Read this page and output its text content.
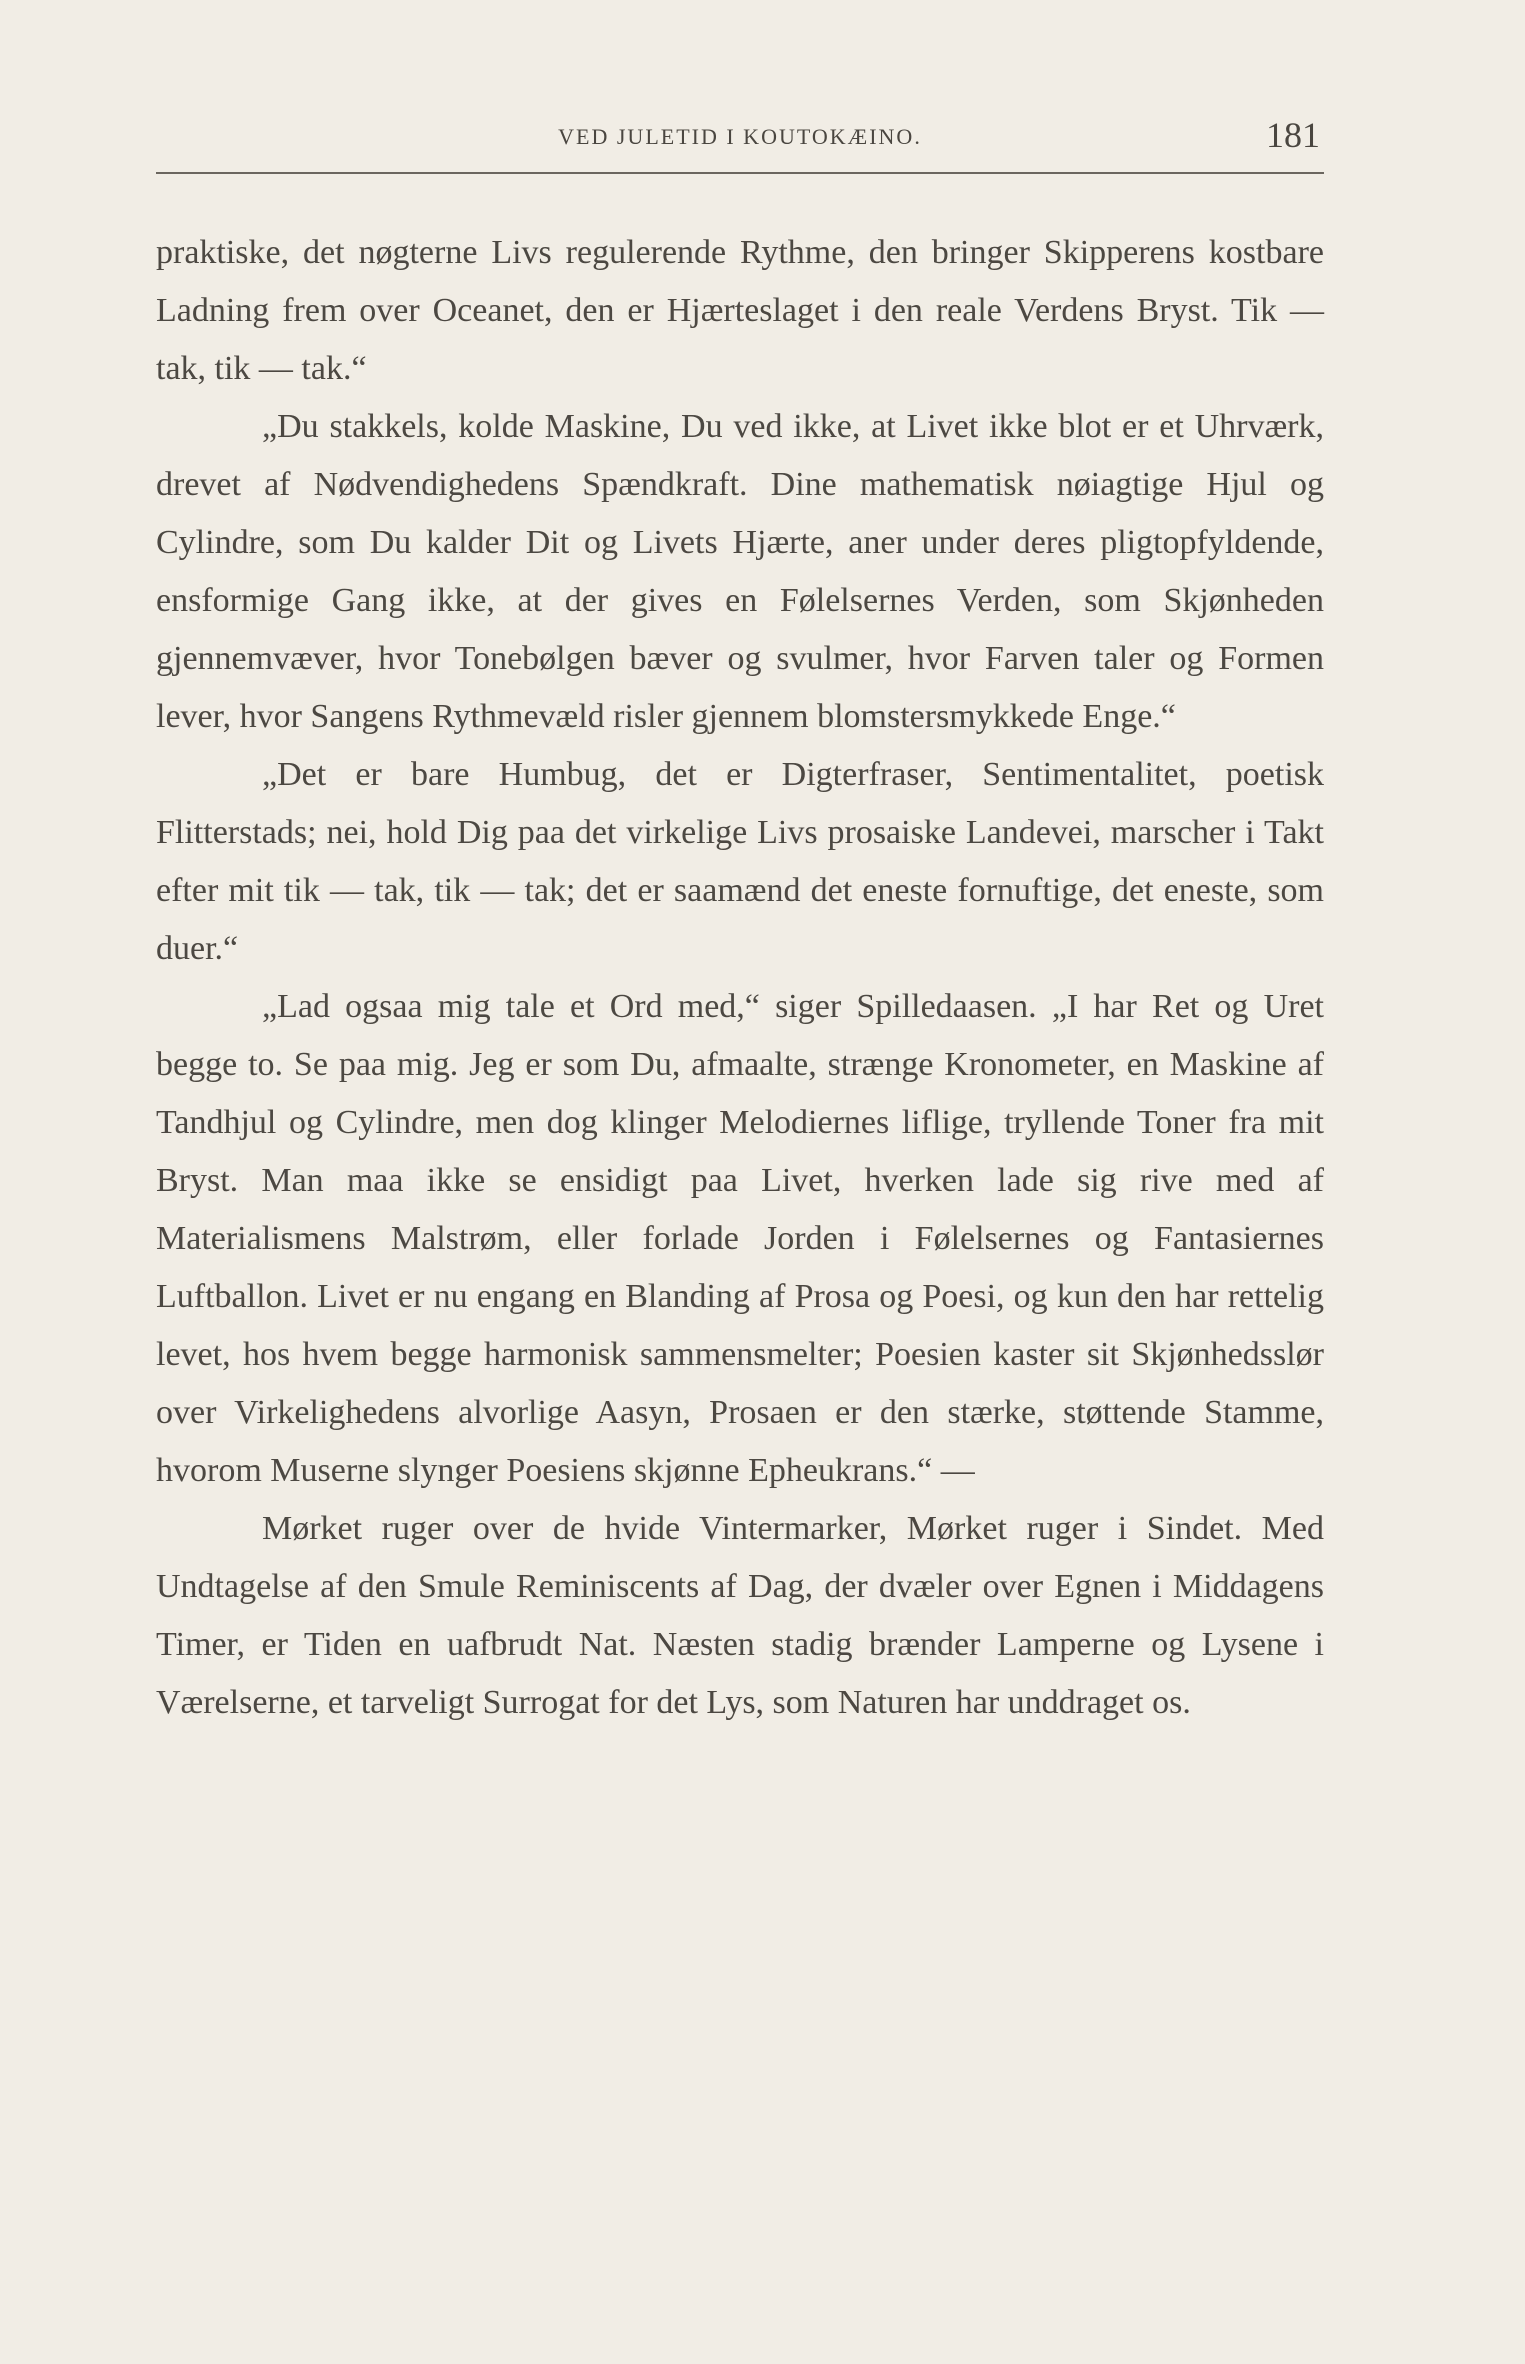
VED JULETID I KOUTOKÆINO.	181

praktiske, det nøgterne Livs regulerende Rythme, den bringer Skipperens kostbare Ladning frem over Oceanet, den er Hjærteslaget i den reale Verdens Bryst. Tik — tak, tik — tak.“

„Du stakkels, kolde Maskine, Du ved ikke, at Livet ikke blot er et Uhrværk, drevet af Nødvendighedens Spændkraft. Dine mathematisk nøiagtige Hjul og Cylindre, som Du kalder Dit og Livets Hjærte, aner under deres pligtopfyldende, ensformige Gang ikke, at der gives en Følelsernes Verden, som Skjønheden gjennemvæver, hvor Tonebølgen bæver og svulmer, hvor Farven taler og Formen lever, hvor Sangens Rythmevæld risler gjennem blomstersmykkede Enge.“

„Det er bare Humbug, det er Digterfraser, Sentimentalitet, poetisk Flitterstads; nei, hold Dig paa det virkelige Livs prosaiske Landevei, marscher i Takt efter mit tik — tak, tik — tak; det er saamænd det eneste fornuftige, det eneste, som duer.“

„Lad ogsaa mig tale et Ord med,“ siger Spilledaasen. „I har Ret og Uret begge to. Se paa mig. Jeg er som Du, afmaalte, strænge Kronometer, en Maskine af Tandhjul og Cylindre, men dog klinger Melodiernes liflige, tryllende Toner fra mit Bryst. Man maa ikke se ensidigt paa Livet, hverken lade sig rive med af Materialismens Malstrøm, eller forlade Jorden i Følelsernes og Fantasiernes Luftballon. Livet er nu engang en Blanding af Prosa og Poesi, og kun den har rettelig levet, hos hvem begge harmonisk sammensmelter; Poesien kaster sit Skjønhedsslør over Virkelighedens alvorlige Aasyn, Prosaen er den stærke, støttende Stamme, hvorom Muserne slynger Poesiens skjønne Epheukrans.“ —

Mørket ruger over de hvide Vintermarker, Mørket ruger i Sindet. Med Undtagelse af den Smule Reminiscents af Dag, der dvæler over Egnen i Middagens Timer, er Tiden en uafbrudt Nat. Næsten stadig brænder Lamperne og Lysene i Værelserne, et tarveligt Surrogat for det Lys, som Naturen har unddraget os.
